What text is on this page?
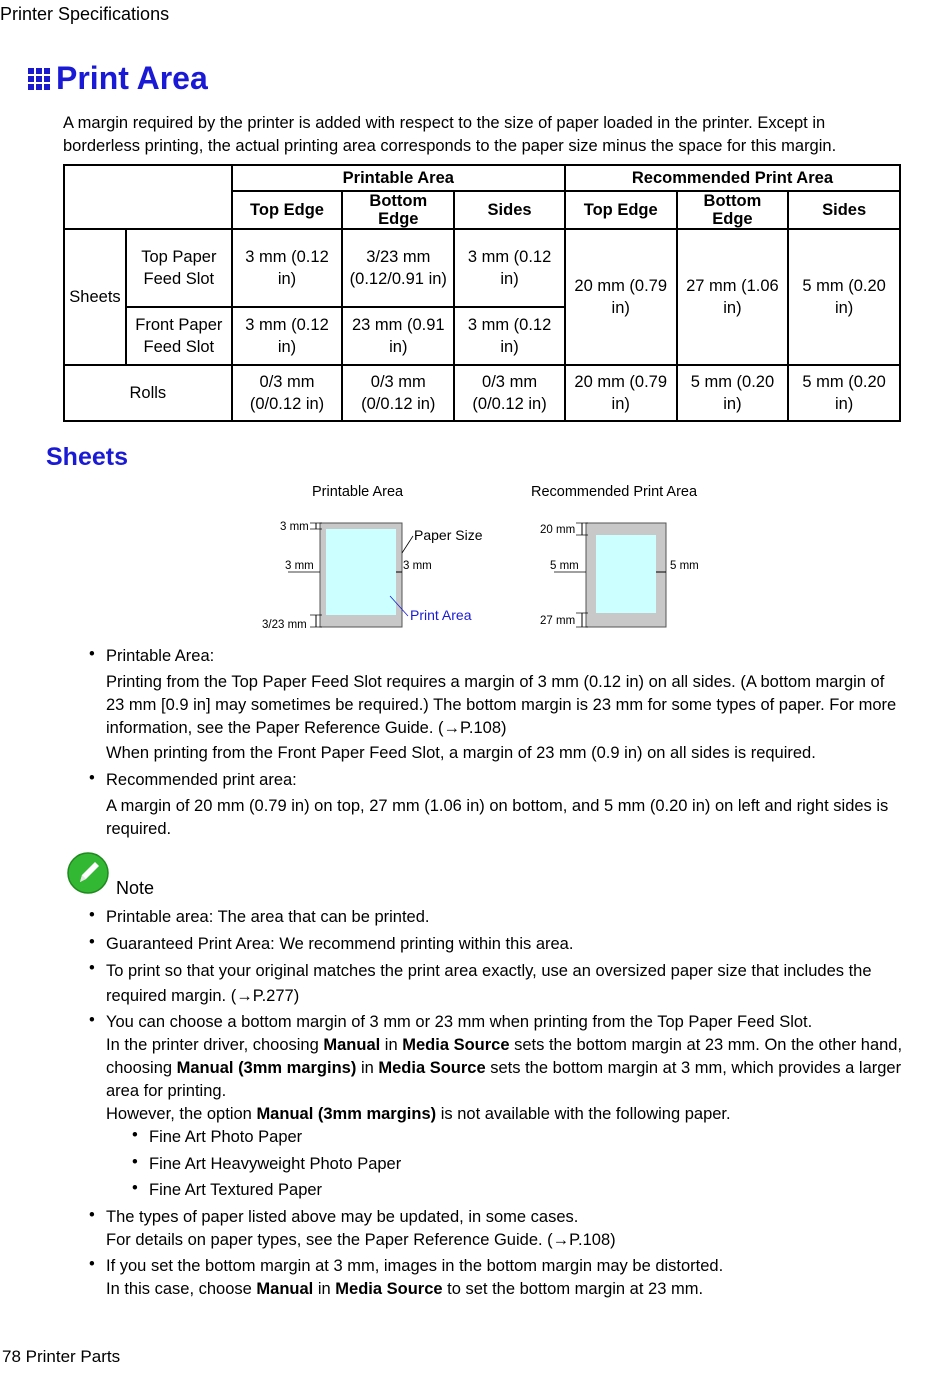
Printer Specifications
Print Area
A margin required by the printer is added with respect to the size of paper loaded in the printer. Except in borderless printing, the actual printing area corresponds to the paper size minus the space for this margin.
		Printable Area			Recommended Print Area		
		Top Edge	Bottom Edge	Sides	Top Edge	Bottom Edge	Sides
Sheets	Top Paper Feed Slot	3 mm (0.12 in)	3/23 mm (0.12/0.91 in)	3 mm (0.12 in)	20 mm (0.79 in)	27 mm (1.06 in)	5 mm (0.20 in)
	Front Paper Feed Slot	3 mm (0.12 in)	23 mm (0.91 in)	3 mm (0.12 in)			
Rolls		0/3 mm (0/0.12 in)	0/3 mm (0/0.12 in)	0/3 mm (0/0.12 in)	20 mm (0.79 in)	5 mm (0.20 in)	5 mm (0.20 in)
Sheets
Printable Area	Recommended Print Area
3 mm
3 mm	3 mm
3/23 mm
Paper Size
Print Area
20 mm
5 mm	5 mm
27 mm
• Printable Area:
Printing from the Top Paper Feed Slot requires a margin of 3 mm (0.12 in) on all sides. (A bottom margin of 23 mm [0.9 in] may sometimes be required.) The bottom margin is 23 mm for some types of paper. For more information, see the Paper Reference Guide. (→P.108)
When printing from the Front Paper Feed Slot, a margin of 23 mm (0.9 in) on all sides is required.
• Recommended print area:
A margin of 20 mm (0.79 in) on top, 27 mm (1.06 in) on bottom, and 5 mm (0.20 in) on left and right sides is required.
Note
• Printable area: The area that can be printed.
• Guaranteed Print Area: We recommend printing within this area.
• To print so that your original matches the print area exactly, use an oversized paper size that includes the required margin. (→P.277)
• You can choose a bottom margin of 3 mm or 23 mm when printing from the Top Paper Feed Slot.
In the printer driver, choosing Manual in Media Source sets the bottom margin at 23 mm. On the other hand, choosing Manual (3mm margins) in Media Source sets the bottom margin at 3 mm, which provides a larger area for printing.
However, the option Manual (3mm margins) is not available with the following paper.
• Fine Art Photo Paper
• Fine Art Heavyweight Photo Paper
• Fine Art Textured Paper
• The types of paper listed above may be updated, in some cases.
For details on paper types, see the Paper Reference Guide. (→P.108)
• If you set the bottom margin at 3 mm, images in the bottom margin may be distorted.
In this case, choose Manual in Media Source to set the bottom margin at 23 mm.
78 Printer Parts
